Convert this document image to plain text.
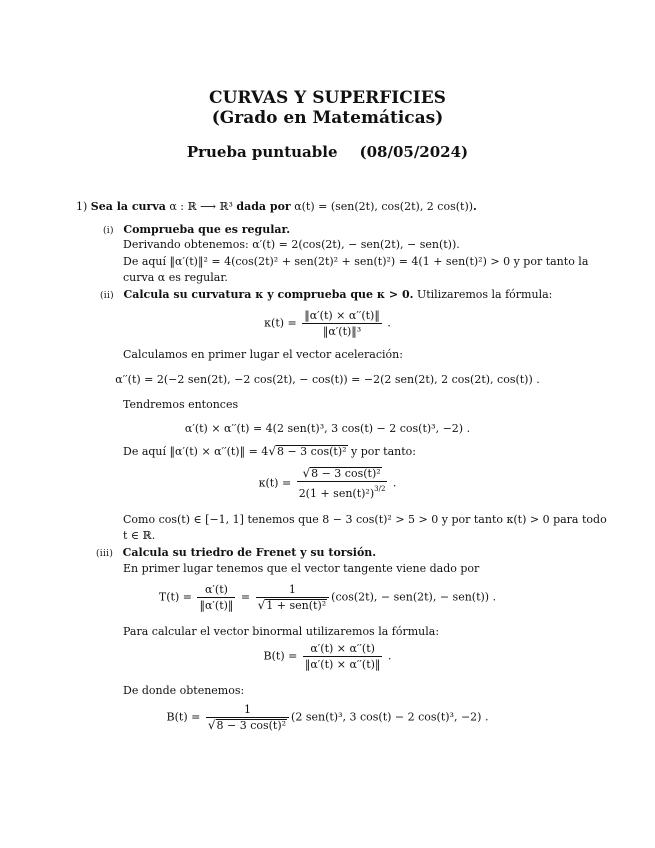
CURVAS Y SUPERFICIES
(Grado en Matemáticas)
Prueba puntuable (08/05/2024)
1) Sea la curva α : ℝ ⟶ ℝ³ dada por α(t) = (sen(2t), cos(2t), 2 cos(t)).
(i) Comprueba que es regular.
Derivando obtenemos: α′(t) = 2(cos(2t), − sen(2t), − sen(t)).
De aquí ‖α′(t)‖² = 4(cos(2t)² + sen(2t)² + sen(t)²) = 4(1 + sen(t)²) > 0 y por tanto la
curva α es regular.
(ii) Calcula su curvatura κ y comprueba que κ > 0. Utilizaremos la fórmula:
$\kappa(t) = \frac{‖\alpha'(t) \times \alpha''(t)‖}{\text{‖α′(t)‖³}}$ .
Calculamos en primer lugar el vector aceleración:
α′′(t) = 2(−2 sen(2t), −2 cos(2t), − cos(t)) = −2(2 sen(2t), 2 cos(2t), cos(t)) .
Tendremos entonces
α′(t) × α′′(t) = 4(2 sen(t)³, 3 cos(t) − 2 cos(t)³, −2) .
De aquí ‖α′(t) × α′′(t)‖ = 4√8 − 3 cos(t)² y por tanto:
$\kappa(t) = \frac{\text{√8 − 3 cos(t)²}}{2(1 + sen(t)^2)^{3/2}}$ .
Como cos(t) ∈ [−1, 1] tenemos que 8 − 3 cos(t)² > 5 > 0 y por tanto κ(t) > 0 para todo
t ∈ ℝ.
(iii) Calcula su triedro de Frenet y su torsión.
En primer lugar tenemos que el vector tangente viene dado por
$T(t) = \frac{\alpha'(t)}{‖\alpha'(t)‖} = \frac{1}{\text{√1 + sen(t)²}} (\cos(2t)$, − sen(2t), − sen(t)) .
Para calcular el vector binormal utilizaremos la fórmula:
$B(t) = \frac{\alpha'(t) \times \alpha''(t)}{‖\alpha'(t) \times \alpha''(t)‖}$ .
De donde obtenemos:
$B(t) = \frac{1}{\text{√8 − 3 cos(t)²}} (2$ sen(t)³, 3 cos(t) − 2 cos(t)³, −2) .
